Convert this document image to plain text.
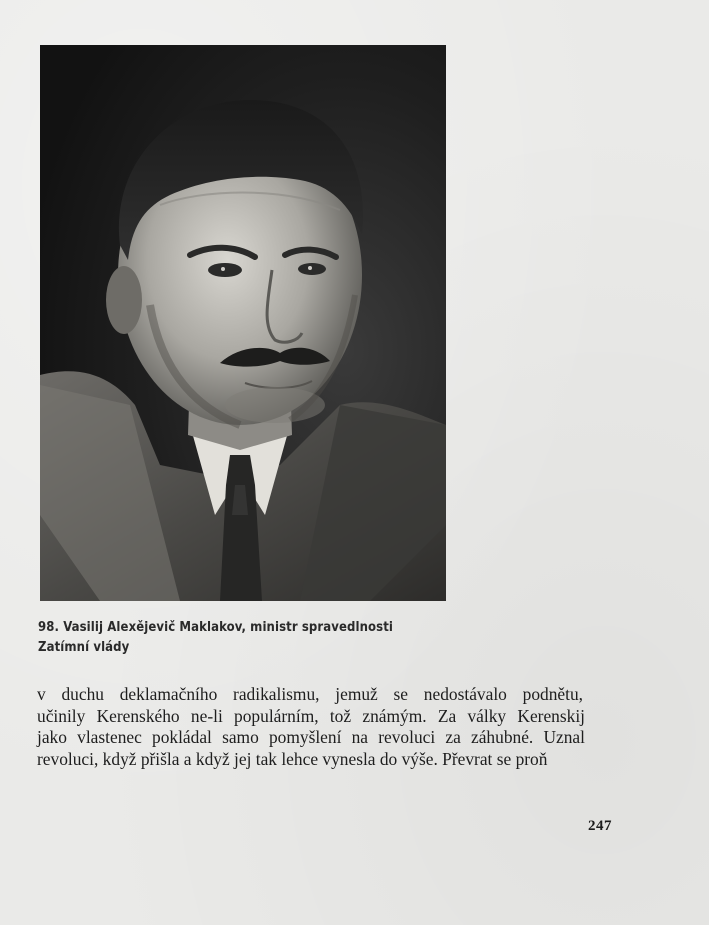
98. Vasilij Alexějevič Maklakov, ministr spravedlnosti
Zatímní vlády
v duchu deklamačního radikalismu, jemuž se nedostávalo podnětu,
učinily Kerenského ne-li populárním, tož známým. Za války Kerenskij
jako vlastenec pokládal samo pomyšlení na revoluci za záhubné. Uznal
revoluci, když přišla a když jej tak lehce vynesla do výše. Převrat se proň
247
